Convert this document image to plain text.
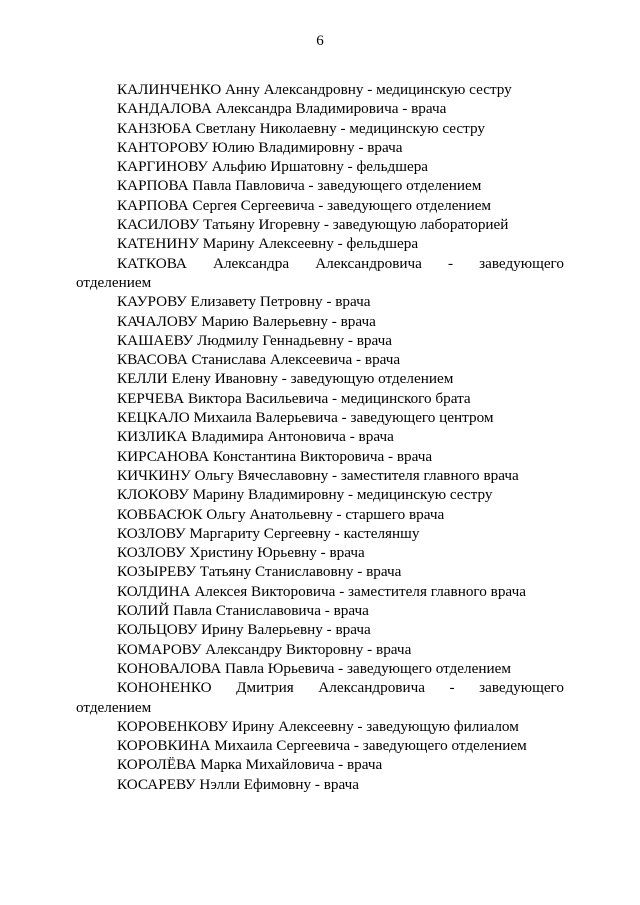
6

КАЛИНЧЕНКО Анну Александровну - медицинскую сестру

КАНДАЛОВА Александра Владимировича - врача

КАНЗЮБА Светлану Николаевну - медицинскую сестру

КАНТОРОВУ Юлию Владимировну - врача

КАРГИНОВУ Альфию Иршатовну - фельдшера

КАРПОВА Павла Павловича - заведующего отделением

КАРПОВА Сергея Сергеевича - заведующего отделением

КАСИЛОВУ Татьяну Игоревну - заведующую лабораторией

КАТЕНИНУ Марину Алексеевну - фельдшера

КАТКОВА Александра Александровича - заведующего
отделением

КАУРОВУ Елизавету Петровну - врача

КАЧАЛОВУ Марию Валерьевну - врача

КАШАЕВУ Людмилу Геннадьевну - врача

КВАСОВА Станислава Алексеевича - врача

КЕЛЛИ Елену Ивановну - заведующую отделением

КЕРЧЕВА Виктора Васильевича - медицинского брата

КЕЦКАЛО Михаила Валерьевича - заведующего центром

КИЗЛИКА Владимира Антоновича - врача

КИРСАНОВА Константина Викторовича - врача

КИЧКИНУ Ольгу Вячеславовну - заместителя главного врача

КЛОКОВУ Марину Владимировну - медицинскую сестру

КОВБАСЮК Ольгу Анатольевну - старшего врача

КОЗЛОВУ Маргариту Сергеевну - кастеляншу

КОЗЛОВУ Христину Юрьевну - врача

КОЗЫРЕВУ Татьяну Станиславовну - врача

КОЛДИНА Алексея Викторовича - заместителя главного врача

КОЛИЙ Павла Станиславовича - врача

КОЛЬЦОВУ Ирину Валерьевну - врача

КОМАРОВУ Александру Викторовну - врача

КОНОВАЛОВА Павла Юрьевича - заведующего отделением

КОНОНЕНКО Дмитрия Александровича - заведующего
отделением

КОРОВЕНКОВУ Ирину Алексеевну - заведующую филиалом

КОРОВКИНА Михаила Сергеевича - заведующего отделением

КОРОЛЁВА Марка Михайловича - врача

КОСАРЕВУ Нэлли Ефимовну - врача
